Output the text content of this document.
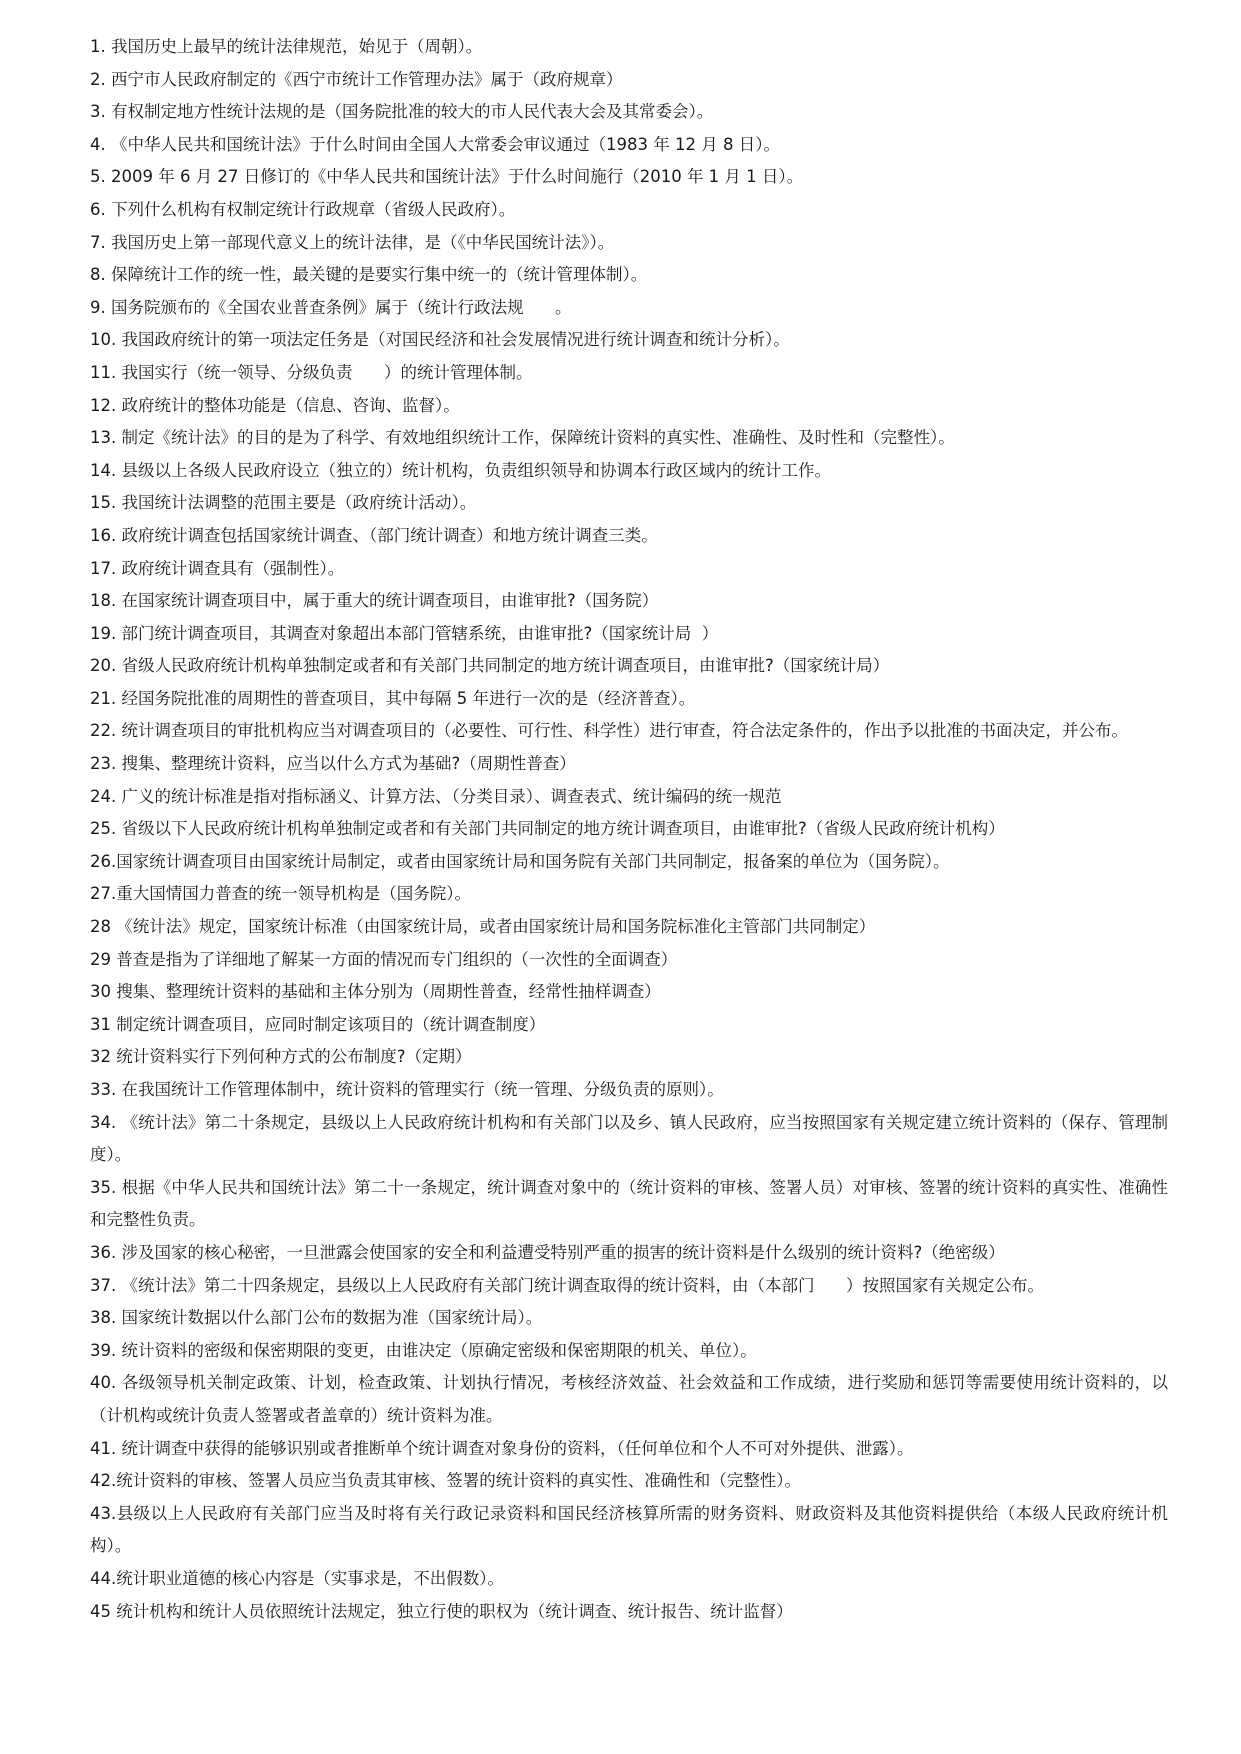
1. 我国历史上最早的统计法律规范，始见于（周朝）。

2. 西宁市人民政府制定的《西宁市统计工作管理办法》属于（政府规章）

3. 有权制定地方性统计法规的是（国务院批准的较大的市人民代表大会及其常委会）。

4. 《中华人民共和国统计法》于什么时间由全国人大常委会审议通过（1983 年 12 月 8 日）。

5. 2009 年 6 月 27 日修订的《中华人民共和国统计法》于什么时间施行（2010 年 1 月 1 日）。

6. 下列什么机构有权制定统计行政规章（省级人民政府）。

7. 我国历史上第一部现代意义上的统计法律，是（《中华民国统计法》）。

8. 保障统计工作的统一性，最关键的是要实行集中统一的（统计管理体制）。

9. 国务院颁布的《全国农业普查条例》属于（统计行政法规      。

10. 我国政府统计的第一项法定任务是（对国民经济和社会发展情况进行统计调查和统计分析）。

11. 我国实行（统一领导、分级负责      ）的统计管理体制。

12. 政府统计的整体功能是（信息、咨询、监督）。

13. 制定《统计法》的目的是为了科学、有效地组织统计工作，保障统计资料的真实性、准确性、及时性和（完整性）。

14. 县级以上各级人民政府设立（独立的）统计机构，负责组织领导和协调本行政区域内的统计工作。

15. 我国统计法调整的范围主要是（政府统计活动）。

16. 政府统计调查包括国家统计调查、（部门统计调查）和地方统计调查三类。

17. 政府统计调查具有（强制性）。

18. 在国家统计调查项目中，属于重大的统计调查项目，由谁审批?（国务院）

19. 部门统计调查项目，其调查对象超出本部门管辖系统，由谁审批?（国家统计局  ）

20. 省级人民政府统计机构单独制定或者和有关部门共同制定的地方统计调查项目，由谁审批?（国家统计局）

21. 经国务院批准的周期性的普查项目，其中每隔 5 年进行一次的是（经济普查）。

22. 统计调查项目的审批机构应当对调查项目的（必要性、可行性、科学性）进行审查，符合法定条件的，作出予以批准的书面决定，并公布。

23. 搜集、整理统计资料，应当以什么方式为基础?（周期性普查）

24. 广义的统计标准是指对指标涵义、计算方法、（分类目录）、调查表式、统计编码的统一规范

25. 省级以下人民政府统计机构单独制定或者和有关部门共同制定的地方统计调查项目，由谁审批?（省级人民政府统计机构）

26.国家统计调查项目由国家统计局制定，或者由国家统计局和国务院有关部门共同制定，报备案的单位为（国务院）。

27.重大国情国力普查的统一领导机构是（国务院）。

28 《统计法》规定，国家统计标准（由国家统计局，或者由国家统计局和国务院标准化主管部门共同制定）

29 普查是指为了详细地了解某一方面的情况而专门组织的（一次性的全面调查）

30 搜集、整理统计资料的基础和主体分别为（周期性普查，经常性抽样调查）

31 制定统计调查项目，应同时制定该项目的（统计调查制度）

32 统计资料实行下列何种方式的公布制度?（定期）

33. 在我国统计工作管理体制中，统计资料的管理实行（统一管理、分级负责的原则）。

34. 《统计法》第二十条规定，县级以上人民政府统计机构和有关部门以及乡、镇人民政府，应当按照国家有关规定建立统计资料的（保存、管理制度）。

35. 根据《中华人民共和国统计法》第二十一条规定，统计调查对象中的（统计资料的审核、签署人员）对审核、签署的统计资料的真实性、准确性和完整性负责。

36. 涉及国家的核心秘密，一旦泄露会使国家的安全和利益遭受特别严重的损害的统计资料是什么级别的统计资料?（绝密级）

37. 《统计法》第二十四条规定，县级以上人民政府有关部门统计调查取得的统计资料，由（本部门      ）按照国家有关规定公布。

38. 国家统计数据以什么部门公布的数据为准（国家统计局）。

39. 统计资料的密级和保密期限的变更，由谁决定（原确定密级和保密期限的机关、单位）。

40. 各级领导机关制定政策、计划，检查政策、计划执行情况，考核经济效益、社会效益和工作成绩，进行奖励和惩罚等需要使用统计资料的，以（计机构或统计负责人签署或者盖章的）统计资料为准。

41. 统计调查中获得的能够识别或者推断单个统计调查对象身份的资料，（任何单位和个人不可对外提供、泄露）。

42.统计资料的审核、签署人员应当负责其审核、签署的统计资料的真实性、准确性和（完整性）。

43.县级以上人民政府有关部门应当及时将有关行政记录资料和国民经济核算所需的财务资料、财政资料及其他资料提供给（本级人民政府统计机构）。

44.统计职业道德的核心内容是（实事求是，不出假数）。

45 统计机构和统计人员依照统计法规定，独立行使的职权为（统计调查、统计报告、统计监督）
